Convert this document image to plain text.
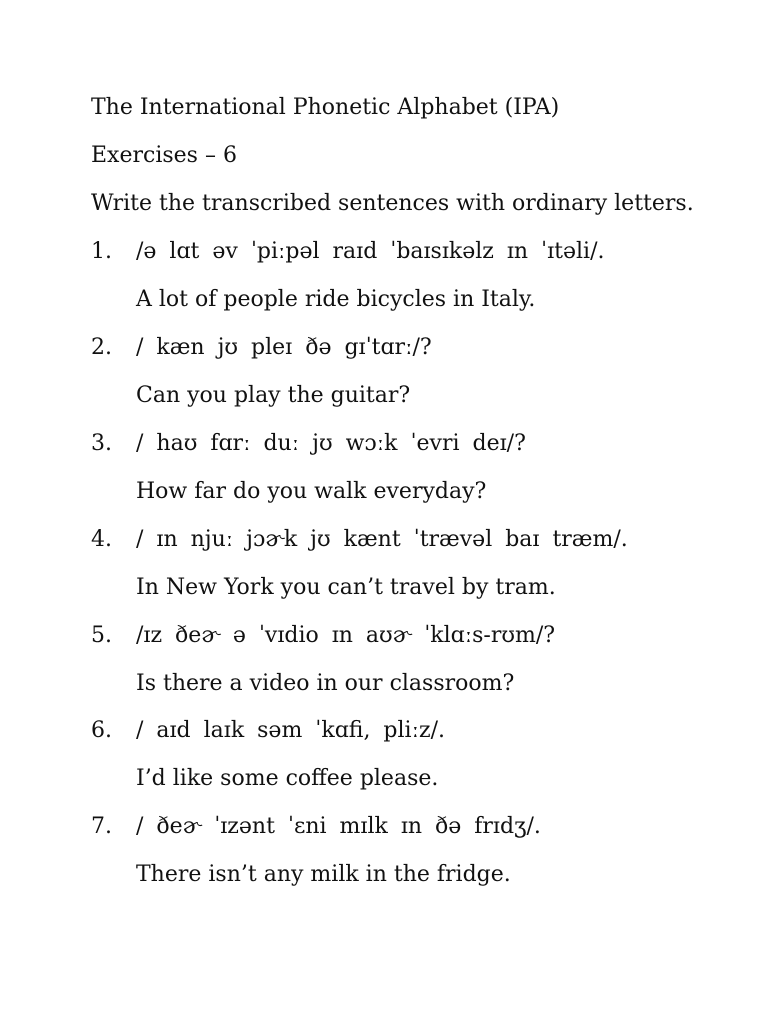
The International Phonetic Alphabet (IPA)
Exercises – 6
Write the transcribed sentences with ordinary letters.
1. /ə lɑt əv ˈpiːpəl raɪd ˈbaɪsɪkəlz ɪn ˈɪtəli/.
A lot of people ride bicycles in Italy.
2. / kæn jʊ pleɪ ðə gɪˈtɑrː/?
Can you play the guitar?
3. / haʊ fɑrː duː jʊ wɔːk ˈevri deɪ/?
How far do you walk everyday?
4. / ɪn njuː jɔɚk jʊ kænt ˈtrævəl baɪ træm/.
In New York you can’t travel by tram.
5. /ɪz ðeɚ ə ˈvɪdio ɪn aʊɚ ˈklɑːs-rʊm/?
Is there a video in our classroom?
6. / aɪd laɪk səm ˈkɑfi, pliːz/.
I’d like some coffee please.
7. / ðeɚ ˈɪzənt ˈɛni mɪlk ɪn ðə frɪdʒ/.
There isn’t any milk in the fridge.
